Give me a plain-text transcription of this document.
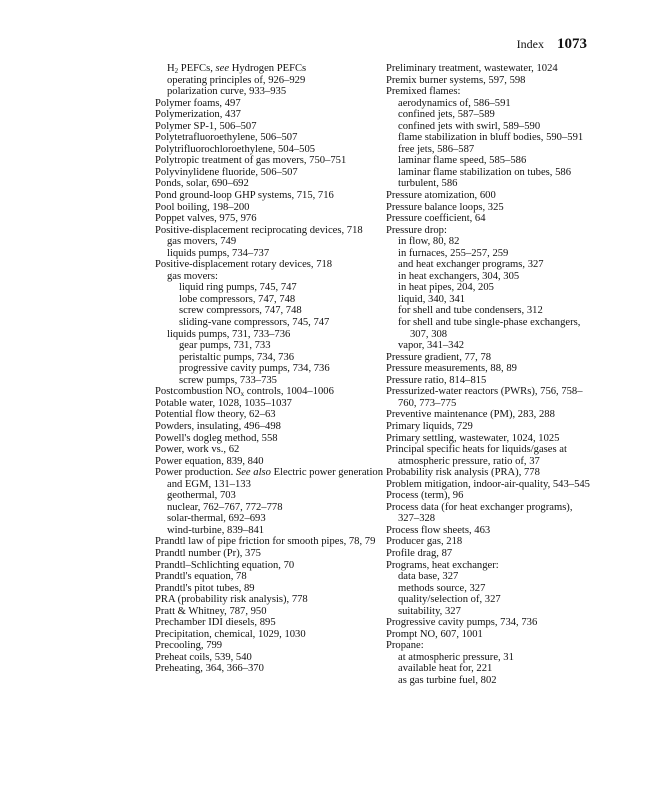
Index 1073

$H_2$ PEFCs, see Hydrogen PEFCs

operating principles of, 926–929

polarization curve, 933–935

Polymer foams, 497

Polymerization, 437

Polymer SP-1, 506–507

Polytetrafluoroethylene, 506–507

Polytrifluorochloroethylene, 504–505

Polytropic treatment of gas movers, 750–751

Polyvinylidene fluoride, 506–507

Ponds, solar, 690–692

Pond ground-loop GHP systems, 715, 716

Pool boiling, 198–200

Poppet valves, 975, 976

Positive-displacement reciprocating devices, 718

gas movers, 749

liquids pumps, 734–737

Positive-displacement rotary devices, 718

gas movers:

liquid ring pumps, 745, 747

lobe compressors, 747, 748

screw compressors, 747, 748

sliding-vane compressors, 745, 747

liquids pumps, 731, 733–736

gear pumps, 731, 733

peristaltic pumps, 734, 736

progressive cavity pumps, 734, 736

screw pumps, 733–735

Postcombustion $NO_x$ controls, 1004–1006

Potable water, 1028, 1035–1037

Potential flow theory, 62–63

Powders, insulating, 496–498

Powell's dogleg method, 558

Power, work vs., 62

Power equation, 839, 840

Power production. See also Electric power generation

and EGM, 131–133

geothermal, 703

nuclear, 762–767, 772–778

solar-thermal, 692–693

wind-turbine, 839–841

Prandtl law of pipe friction for smooth pipes, 78, 79

Prandtl number (Pr), 375

Prandtl–Schlichting equation, 70

Prandtl's equation, 78

Prandtl's pitot tubes, 89

PRA (probability risk analysis), 778

Pratt & Whitney, 787, 950

Prechamber IDI diesels, 895

Precipitation, chemical, 1029, 1030

Precooling, 799

Preheat coils, 539, 540

Preheating, 364, 366–370

Preliminary treatment, wastewater, 1024

Premix burner systems, 597, 598

Premixed flames:

aerodynamics of, 586–591

confined jets, 587–589

confined jets with swirl, 589–590

flame stabilization in bluff bodies, 590–591

free jets, 586–587

laminar flame speed, 585–586

laminar flame stabilization on tubes, 586

turbulent, 586

Pressure atomization, 600

Pressure balance loops, 325

Pressure coefficient, 64

Pressure drop:

in flow, 80, 82

in furnaces, 255–257, 259

and heat exchanger programs, 327

in heat exchangers, 304, 305

in heat pipes, 204, 205

liquid, 340, 341

for shell and tube condensers, 312

for shell and tube single-phase exchangers, 307, 308

vapor, 341–342

Pressure gradient, 77, 78

Pressure measurements, 88, 89

Pressure ratio, 814–815

Pressurized-water reactors (PWRs), 756, 758–760, 773–775

Preventive maintenance (PM), 283, 288

Primary liquids, 729

Primary settling, wastewater, 1024, 1025

Principal specific heats for liquids/gases at atmospheric pressure, ratio of, 37

Probability risk analysis (PRA), 778

Problem mitigation, indoor-air-quality, 543–545

Process (term), 96

Process data (for heat exchanger programs), 327–328

Process flow sheets, 463

Producer gas, 218

Profile drag, 87

Programs, heat exchanger:

data base, 327

methods source, 327

quality/selection of, 327

suitability, 327

Progressive cavity pumps, 734, 736

Prompt NO, 607, 1001

Propane:

at atmospheric pressure, 31

available heat for, 221

as gas turbine fuel, 802
